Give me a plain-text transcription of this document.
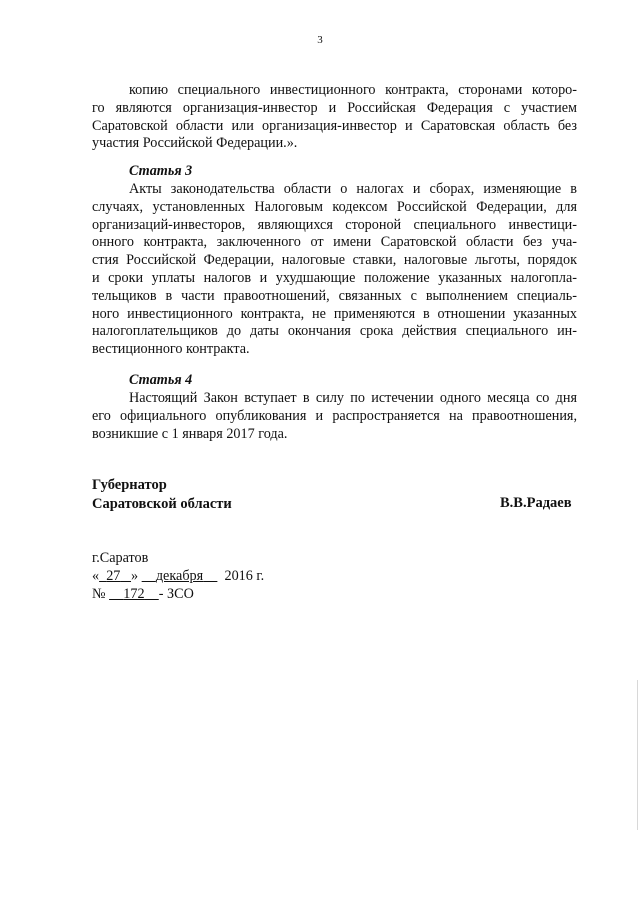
3
копию специального инвестиционного контракта, сторонами которо-
го являются организация-инвестор и Российская Федерация с участием
Саратовской области или организация-инвестор и Саратовская область без
участия Российской Федерации.».
Статья 3
Акты законодательства области о налогах и сборах, изменяющие в
случаях, установленных Налоговым кодексом Российской Федерации, для
организаций-инвесторов, являющихся стороной специального инвестици-
онного контракта, заключенного от имени Саратовской области без уча-
стия Российской Федерации, налоговые ставки, налоговые льготы, порядок
и сроки уплаты налогов и ухудшающие положение указанных налогопла-
тельщиков в части правоотношений, связанных с выполнением специаль-
ного инвестиционного контракта, не применяются в отношении указанных
налогоплательщиков до даты окончания срока действия специального ин-
вестиционного контракта.
Статья 4
Настоящий Закон вступает в силу по истечении одного месяца со дня
его официального опубликования и распространяется на правоотношения,
возникшие с 1 января 2017 года.
Губернатор
Саратовской области	В.В.Радаев
г.Саратов
« 27 » декабря 2016 г.
№ 172 - ЗСО
